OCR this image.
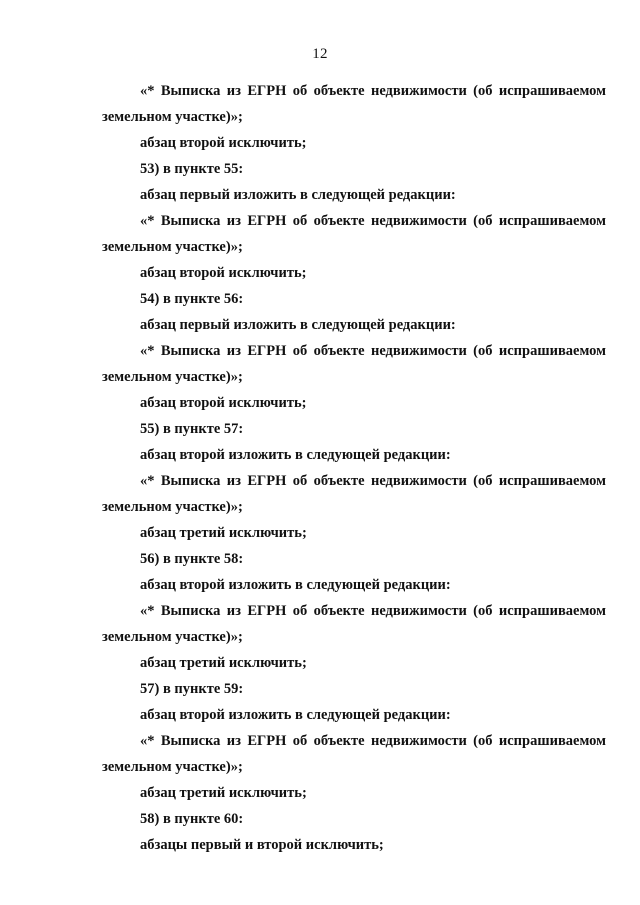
12
«* Выписка из ЕГРН об объекте недвижимости (об испрашиваемом
земельном участке)»;
абзац второй исключить;
53) в пункте 55:
абзац первый изложить в следующей редакции:
«* Выписка из ЕГРН об объекте недвижимости (об испрашиваемом
земельном участке)»;
абзац второй исключить;
54) в пункте 56:
абзац первый изложить в следующей редакции:
«* Выписка из ЕГРН об объекте недвижимости (об испрашиваемом
земельном участке)»;
абзац второй исключить;
55) в пункте 57:
абзац второй изложить в следующей редакции:
«* Выписка из ЕГРН об объекте недвижимости (об испрашиваемом
земельном участке)»;
абзац третий исключить;
56) в пункте 58:
абзац второй изложить в следующей редакции:
«* Выписка из ЕГРН об объекте недвижимости (об испрашиваемом
земельном участке)»;
абзац третий исключить;
57) в пункте 59:
абзац второй изложить в следующей редакции:
«* Выписка из ЕГРН об объекте недвижимости (об испрашиваемом
земельном участке)»;
абзац третий исключить;
58) в пункте 60:
абзацы первый и второй исключить;
